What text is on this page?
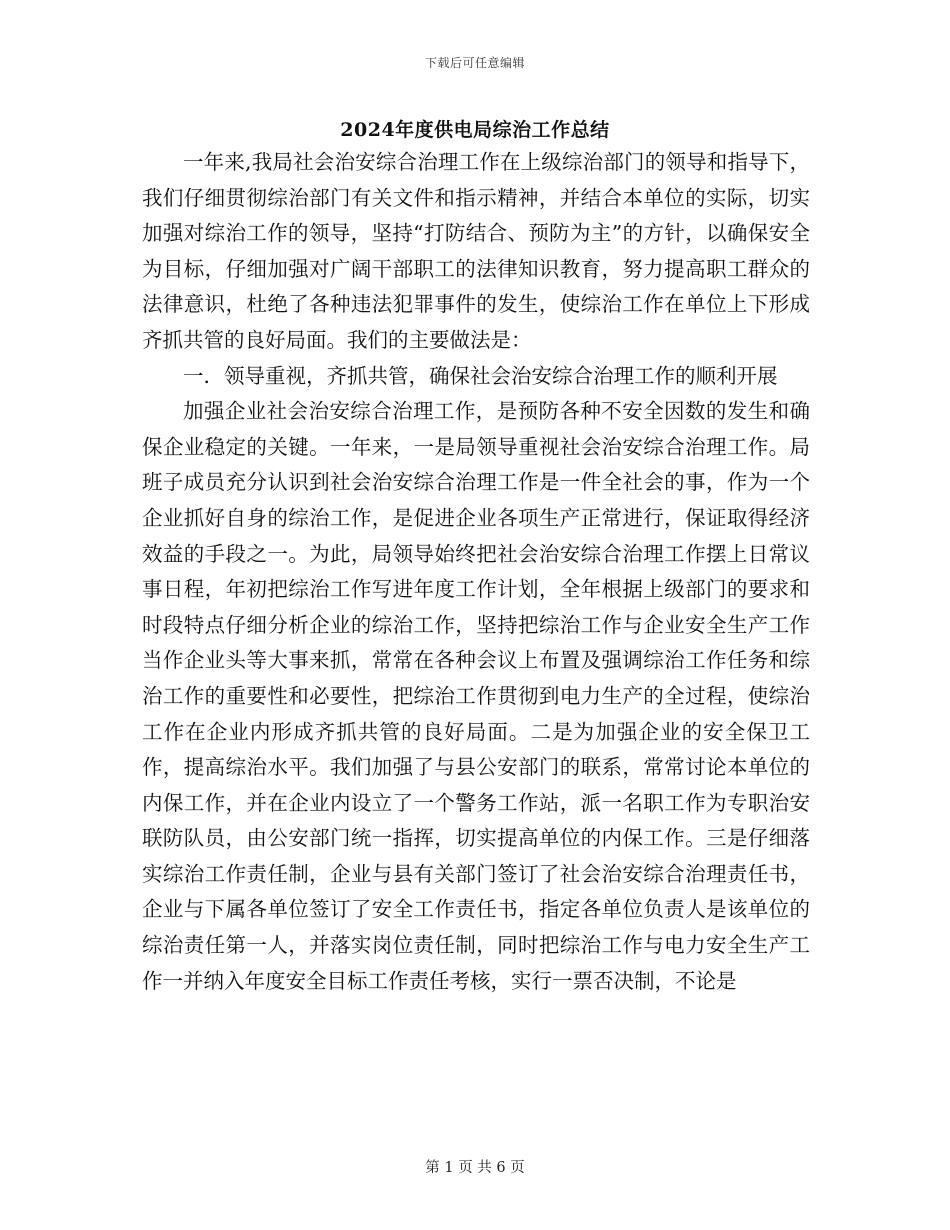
下载后可任意编辑
2024年度供电局综治工作总结

一年来,我局社会治安综合治理工作在上级综治部门的领导和指导下，我们仔细贯彻综治部门有关文件和指示精神，并结合本单位的实际，切实加强对综治工作的领导，坚持“打防结合、预防为主”的方针，以确保安全为目标，仔细加强对广阔干部职工的法律知识教育，努力提高职工群众的法律意识，杜绝了各种违法犯罪事件的发生，使综治工作在单位上下形成齐抓共管的良好局面。我们的主要做法是：

一．领导重视，齐抓共管，确保社会治安综合治理工作的顺利开展

加强企业社会治安综合治理工作，是预防各种不安全因数的发生和确保企业稳定的关键。一年来，一是局领导重视社会治安综合治理工作。局班子成员充分认识到社会治安综合治理工作是一件全社会的事，作为一个企业抓好自身的综治工作，是促进企业各项生产正常进行，保证取得经济效益的手段之一。为此，局领导始终把社会治安综合治理工作摆上日常议事日程，年初把综治工作写进年度工作计划，全年根据上级部门的要求和时段特点仔细分析企业的综治工作，坚持把综治工作与企业安全生产工作当作企业头等大事来抓，常常在各种会议上布置及强调综治工作任务和综治工作的重要性和必要性，把综治工作贯彻到电力生产的全过程，使综治工作在企业内形成齐抓共管的良好局面。二是为加强企业的安全保卫工作，提高综治水平。我们加强了与县公安部门的联系，常常讨论本单位的内保工作，并在企业内设立了一个警务工作站，派一名职工作为专职治安联防队员，由公安部门统一指挥，切实提高单位的内保工作。三是仔细落实综治工作责任制，企业与县有关部门签订了社会治安综合治理责任书，企业与下属各单位签订了安全工作责任书，指定各单位负责人是该单位的综治责任第一人，并落实岗位责任制，同时把综治工作与电力安全生产工作一并纳入年度安全目标工作责任考核，实行一票否决制，不论是

第 1 页 共 6 页
